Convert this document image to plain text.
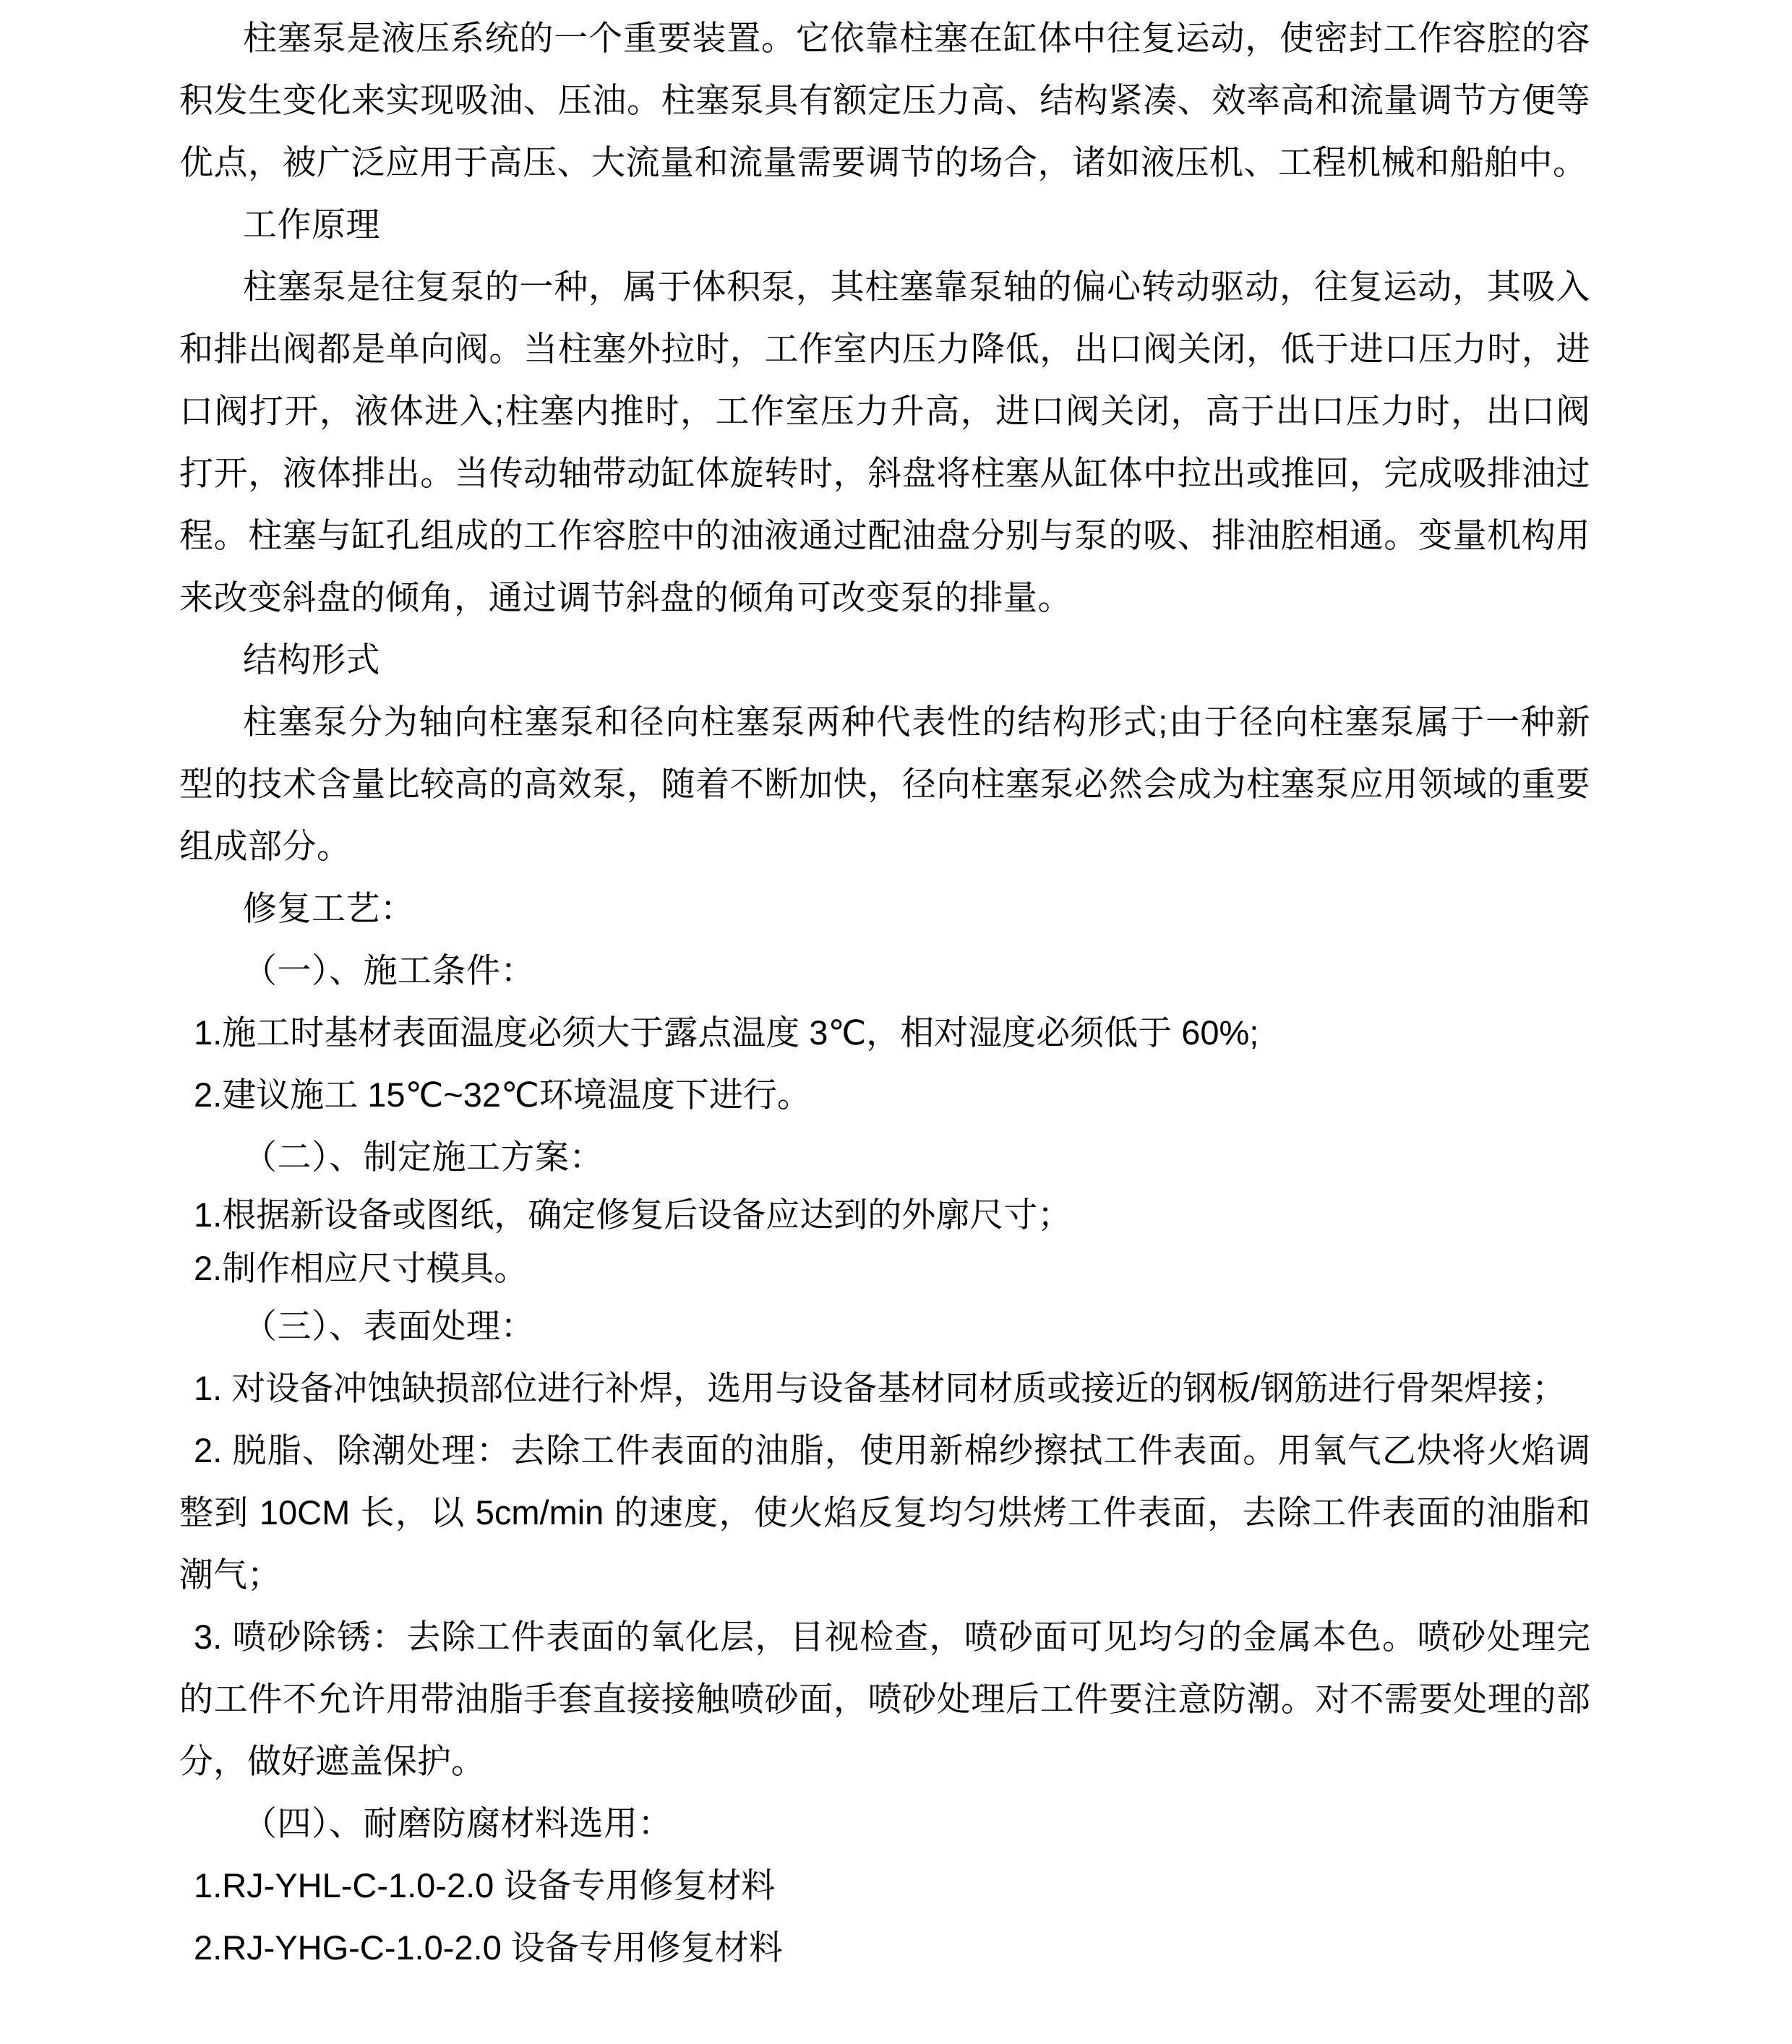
柱塞泵是液压系统的一个重要装置。它依靠柱塞在缸体中往复运动，使密封工作容腔的容积发生变化来实现吸油、压油。柱塞泵具有额定压力高、结构紧凑、效率高和流量调节方便等优点，被广泛应用于高压、大流量和流量需要调节的场合，诸如液压机、工程机械和船舶中。

工作原理

柱塞泵是往复泵的一种，属于体积泵，其柱塞靠泵轴的偏心转动驱动，往复运动，其吸入和排出阀都是单向阀。当柱塞外拉时，工作室内压力降低，出口阀关闭，低于进口压力时，进口阀打开，液体进入;柱塞内推时，工作室压力升高，进口阀关闭，高于出口压力时，出口阀打开，液体排出。当传动轴带动缸体旋转时，斜盘将柱塞从缸体中拉出或推回，完成吸排油过程。柱塞与缸孔组成的工作容腔中的油液通过配油盘分别与泵的吸、排油腔相通。变量机构用来改变斜盘的倾角，通过调节斜盘的倾角可改变泵的排量。

结构形式

柱塞泵分为轴向柱塞泵和径向柱塞泵两种代表性的结构形式;由于径向柱塞泵属于一种新型的技术含量比较高的高效泵，随着不断加快，径向柱塞泵必然会成为柱塞泵应用领域的重要组成部分。

修复工艺：

（一）、施工条件：

1.施工时基材表面温度必须大于露点温度 3℃，相对湿度必须低于 60%;

2.建议施工 15℃~32℃环境温度下进行。

（二）、制定施工方案：

1.根据新设备或图纸，确定修复后设备应达到的外廓尺寸；

2.制作相应尺寸模具。

（三）、表面处理：

1. 对设备冲蚀缺损部位进行补焊，选用与设备基材同材质或接近的钢板/钢筋进行骨架焊接；

2. 脱脂、除潮处理：去除工件表面的油脂，使用新棉纱擦拭工件表面。用氧气乙炔将火焰调整到 10CM 长，以 5cm/min 的速度，使火焰反复均匀烘烤工件表面，去除工件表面的油脂和潮气；

3. 喷砂除锈：去除工件表面的氧化层，目视检查，喷砂面可见均匀的金属本色。喷砂处理完的工件不允许用带油脂手套直接接触喷砂面，喷砂处理后工件要注意防潮。对不需要处理的部分，做好遮盖保护。

（四）、耐磨防腐材料选用：

1.RJ-YHL-C-1.0-2.0 设备专用修复材料

2.RJ-YHG-C-1.0-2.0 设备专用修复材料
